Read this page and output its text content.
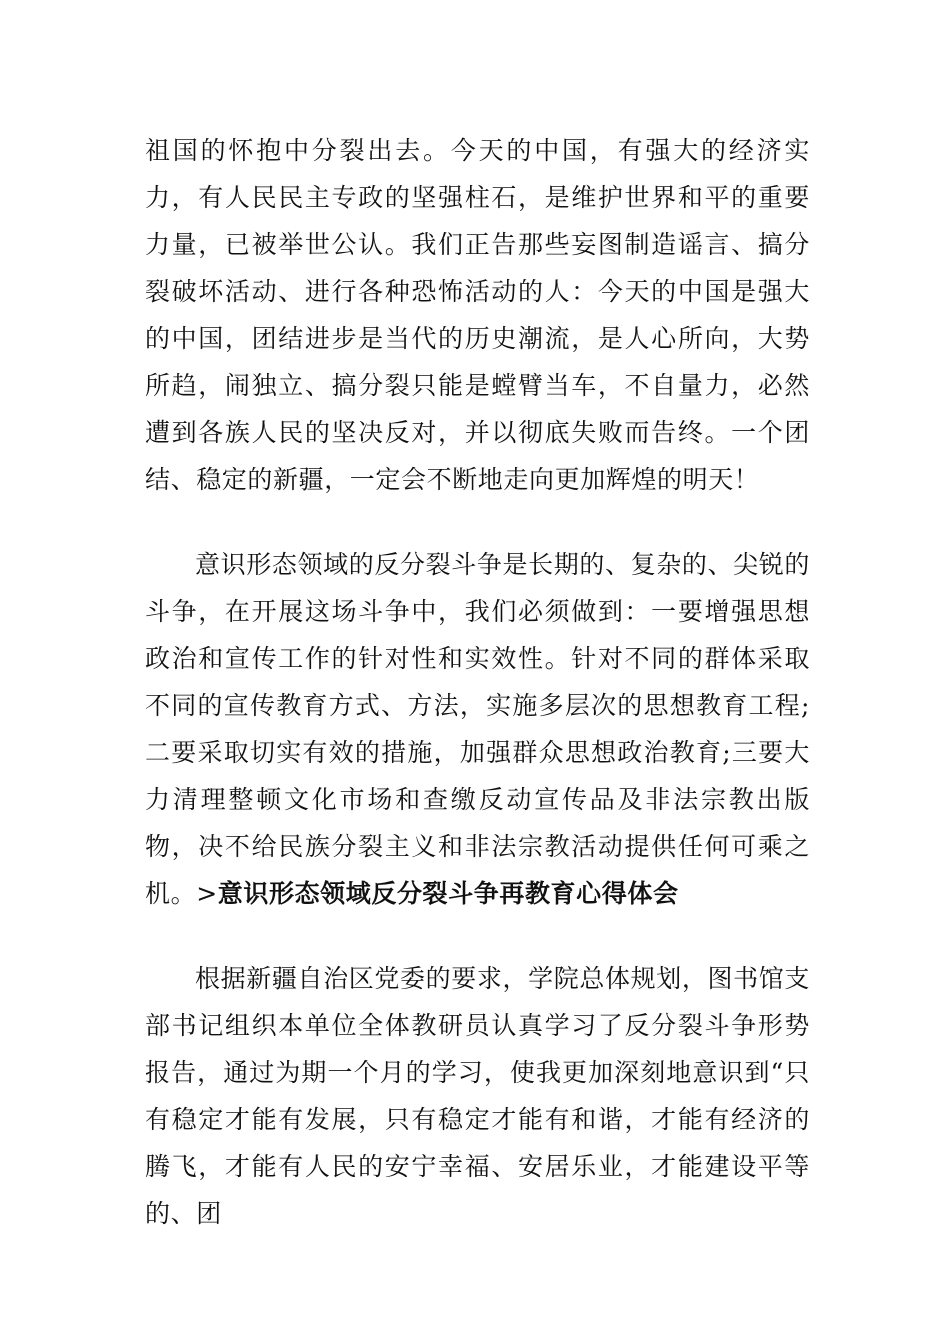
祖国的怀抱中分裂出去。今天的中国，有强大的经济实力，有人民民主专政的坚强柱石，是维护世界和平的重要力量，已被举世公认。我们正告那些妄图制造谣言、搞分裂破坏活动、进行各种恐怖活动的人：今天的中国是强大的中国，团结进步是当代的历史潮流，是人心所向，大势所趋，闹独立、搞分裂只能是螳臂当车，不自量力，必然遭到各族人民的坚决反对，并以彻底失败而告终。一个团结、稳定的新疆，一定会不断地走向更加辉煌的明天！

意识形态领域的反分裂斗争是长期的、复杂的、尖锐的斗争，在开展这场斗争中，我们必须做到：一要增强思想政治和宣传工作的针对性和实效性。针对不同的群体采取不同的宣传教育方式、方法，实施多层次的思想教育工程;二要采取切实有效的措施，加强群众思想政治教育;三要大力清理整顿文化市场和查缴反动宣传品及非法宗教出版物，决不给民族分裂主义和非法宗教活动提供任何可乘之机。>意识形态领域反分裂斗争再教育心得体会

根据新疆自治区党委的要求，学院总体规划，图书馆支部书记组织本单位全体教研员认真学习了反分裂斗争形势报告，通过为期一个月的学习，使我更加深刻地意识到“只有稳定才能有发展，只有稳定才能有和谐，才能有经济的腾飞，才能有人民的安宁幸福、安居乐业，才能建设平等的、团
